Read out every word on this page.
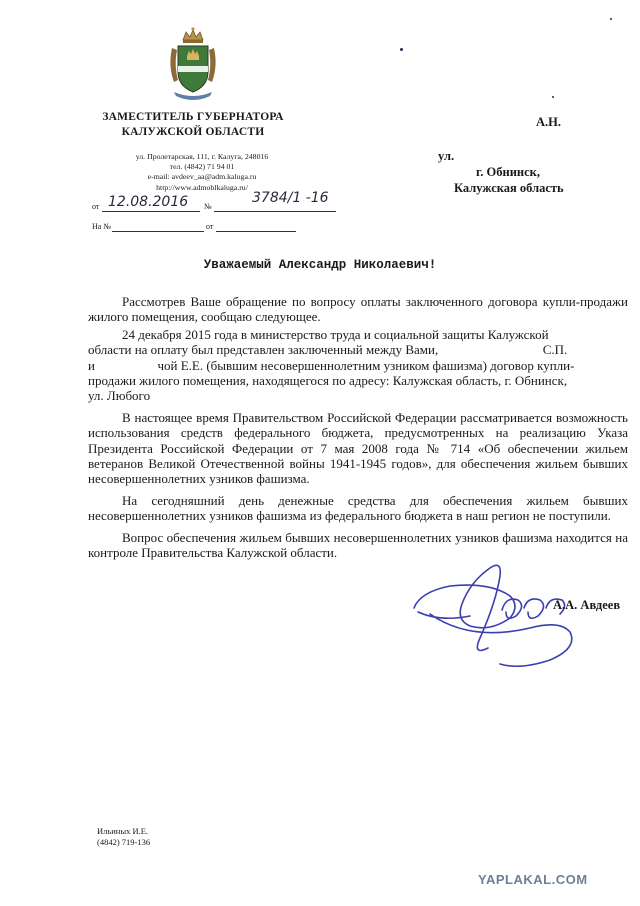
ЗАМЕСТИТЕЛЬ ГУБЕРНАТОРА
КАЛУЖСКОЙ ОБЛАСТИ
ул. Пролетарская, 111, г. Калуга, 248016
тел. (4842) 71 94 01
e-mail: avdeev_aa@adm.kaluga.ru
http://www.admoblkaluga.ru/
от 12.08.2016 №
3784/1 -16
На №	от
А.Н.
ул.
г. Обнинск,
Калужская область
Уважаемый Александр Николаевич!

Рассмотрев Ваше обращение по вопросу оплаты заключенного договора купли-продажи жилого помещения, сообщаю следующее.

24 декабря 2015 года в министерство труда и социальной защиты Калужской
области на оплату был представлен заключенный между Вами,	С.П.
и	чой Е.Е. (бывшим несовершеннолетним узником фашизма) договор купли-
продажи жилого помещения, находящегося по адресу: Калужская область, г. Обнинск,
ул. Любого

В настоящее время Правительством Российской Федерации рассматривается возможность использования средств федерального бюджета, предусмотренных на реализацию Указа Президента Российской Федерации от 7 мая 2008 года № 714 «Об обеспечении жильем ветеранов Великой Отечественной войны 1941-1945 годов», для обеспечения жильем бывших несовершеннолетних узников фашизма.

На сегодняшний день денежные средства для обеспечения жильем бывших несовершеннолетних узников фашизма из федерального бюджета в наш регион не поступили.

Вопрос обеспечения жильем бывших несовершеннолетних узников фашизма находится на контроле Правительства Калужской области.

А.А. Авдеев
Ильиных И.Е.
(4842) 719-136
YAPLAKAL.COM
